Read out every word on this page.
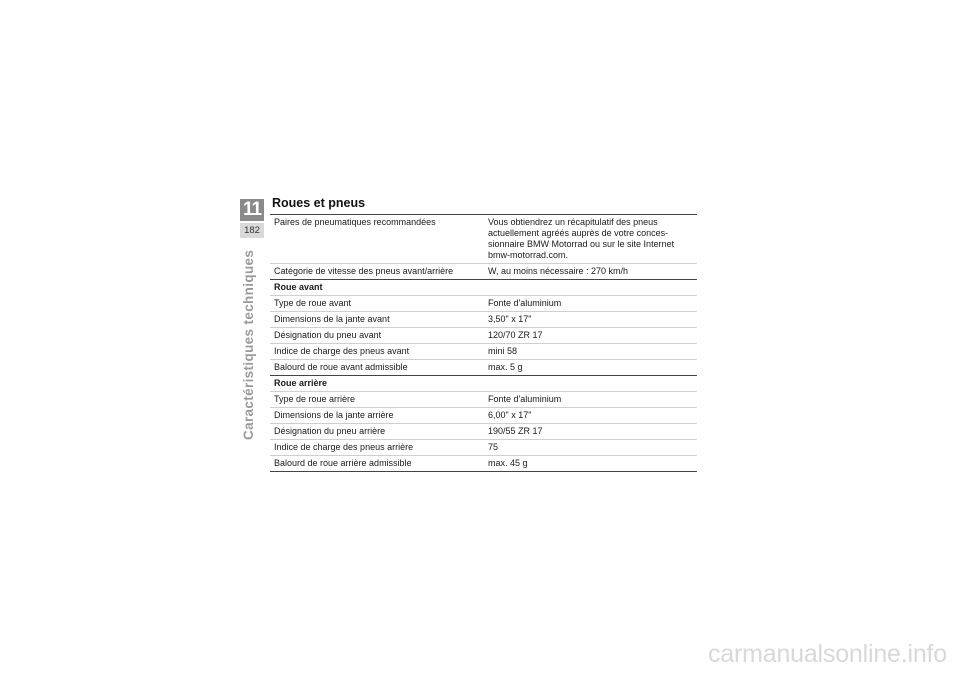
11
182
Caractéristiques techniques
Roues et pneus
Paires de pneumatiques recommandées	Vous obtiendrez un récapitulatif des pneus actuellement agréés auprès de votre concessionnaire BMW Motorrad ou sur le site Internet bmw-motorrad.com.
Catégorie de vitesse des pneus avant/arrière	W, au moins nécessaire : 270 km/h
Roue avant
Type de roue avant	Fonte d'aluminium
Dimensions de la jante avant	3,50" x 17"
Désignation du pneu avant	120/70 ZR 17
Indice de charge des pneus avant	mini 58
Balourd de roue avant admissible	max. 5 g
Roue arrière
Type de roue arrière	Fonte d'aluminium
Dimensions de la jante arrière	6,00" x 17"
Désignation du pneu arrière	190/55 ZR 17
Indice de charge des pneus arrière	75
Balourd de roue arrière admissible	max. 45 g
carmanualsonline.info
